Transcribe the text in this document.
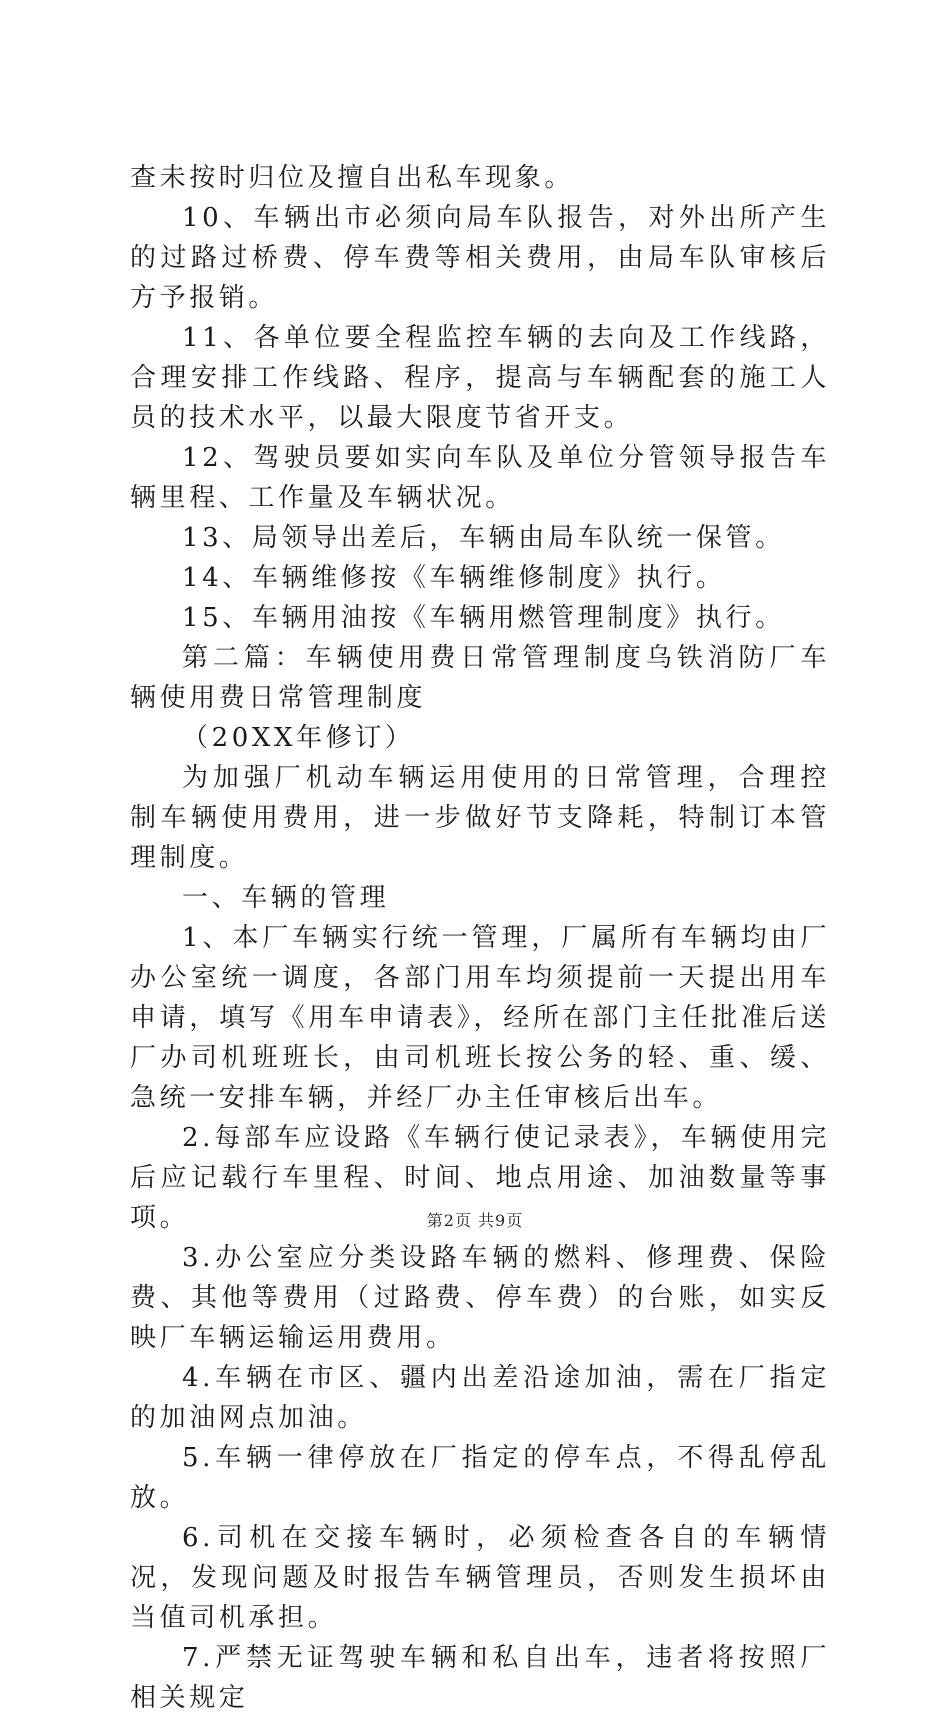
查未按时归位及擅自出私车现象。

10、车辆出市必须向局车队报告，对外出所产生的过路过桥费、停车费等相关费用，由局车队审核后方予报销。

11、各单位要全程监控车辆的去向及工作线路，合理安排工作线路、程序，提高与车辆配套的施工人员的技术水平，以最大限度节省开支。

12、驾驶员要如实向车队及单位分管领导报告车辆里程、工作量及车辆状况。

13、局领导出差后，车辆由局车队统一保管。

14、车辆维修按《车辆维修制度》执行。

15、车辆用油按《车辆用燃管理制度》执行。

第二篇：车辆使用费日常管理制度乌铁消防厂车辆使用费日常管理制度

（20XX年修订）

为加强厂机动车辆运用使用的日常管理，合理控制车辆使用费用，进一步做好节支降耗，特制订本管理制度。

一、车辆的管理

1、本厂车辆实行统一管理，厂属所有车辆均由厂办公室统一调度，各部门用车均须提前一天提出用车申请，填写《用车申请表》，经所在部门主任批准后送厂办司机班班长，由司机班长按公务的轻、重、缓、急统一安排车辆，并经厂办主任审核后出车。

2.每部车应设路《车辆行使记录表》，车辆使用完后应记载行车里程、时间、地点用途、加油数量等事项。

3.办公室应分类设路车辆的燃料、修理费、保险费、其他等费用（过路费、停车费）的台账，如实反映厂车辆运输运用费用。

4.车辆在市区、疆内出差沿途加油，需在厂指定的加油网点加油。

5.车辆一律停放在厂指定的停车点，不得乱停乱放。

6.司机在交接车辆时，必须检查各自的车辆情况，发现问题及时报告车辆管理员，否则发生损坏由当值司机承担。

7.严禁无证驾驶车辆和私自出车，违者将按照厂相关规定

第2页 共9页
